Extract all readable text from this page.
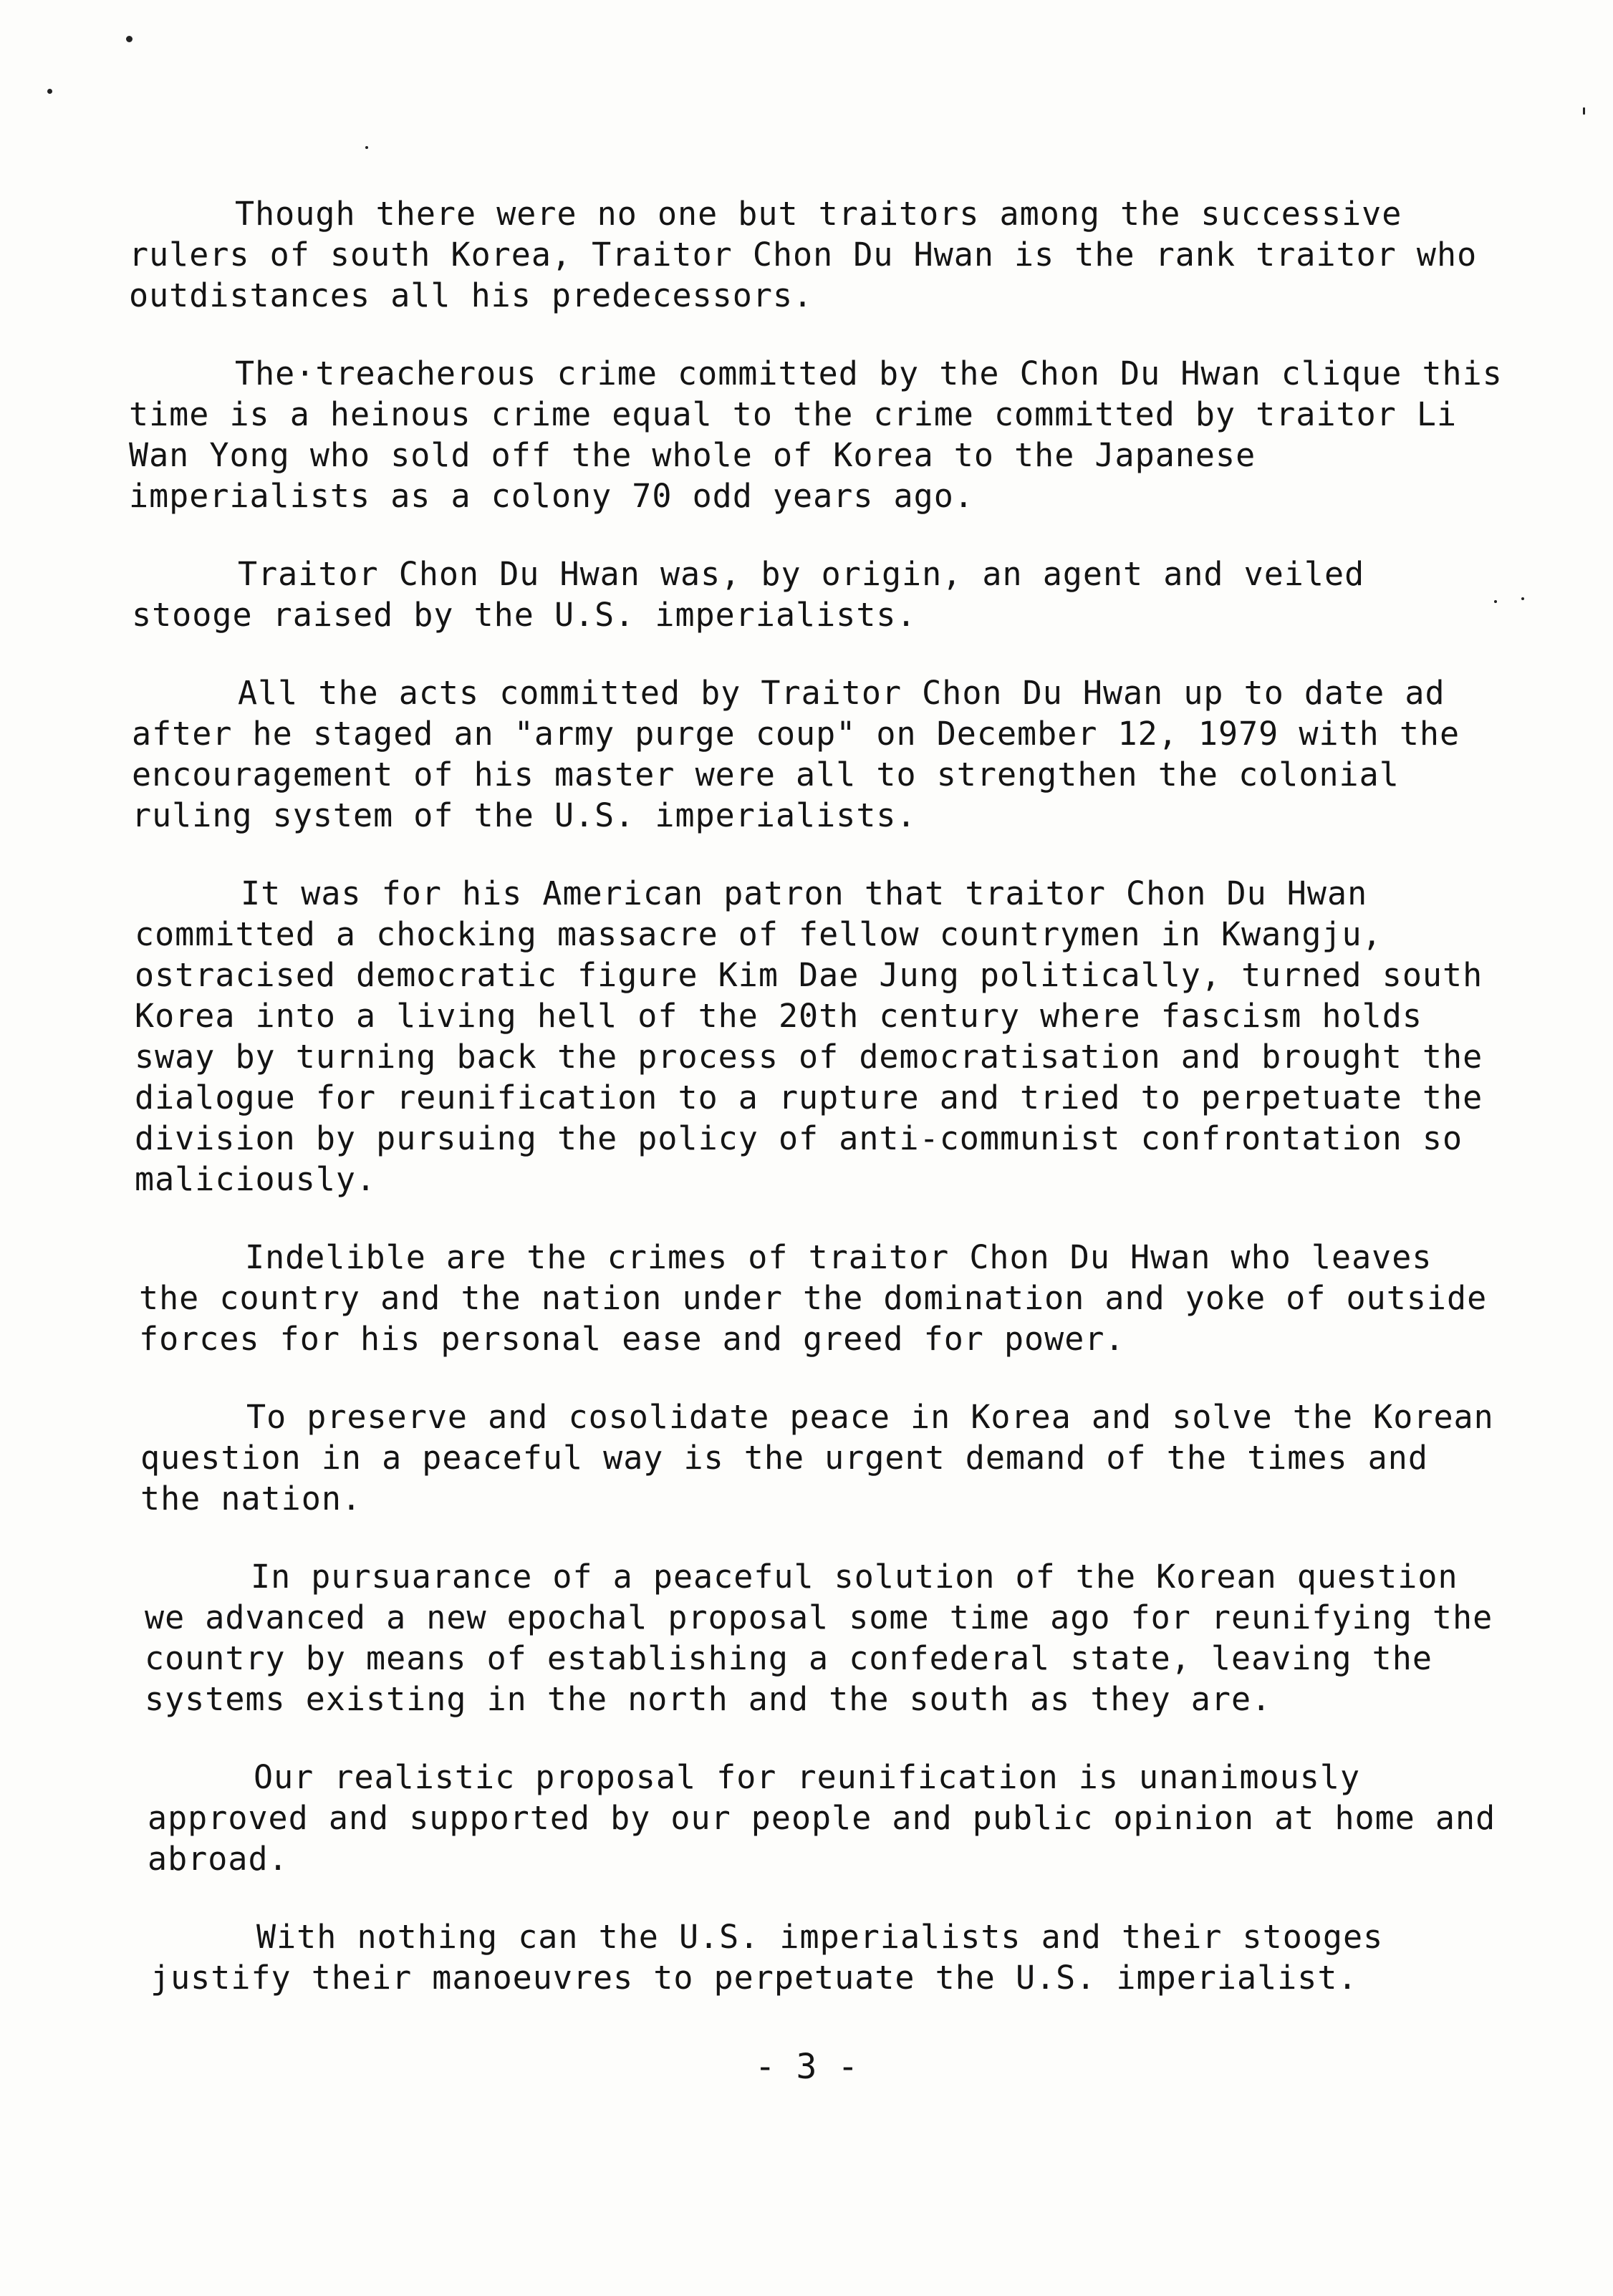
Though there were no one but traitors among the successive rulers of south Korea, Traitor Chon Du Hwan is the rank traitor who outdistances all his predecessors.

The·treacherous crime committed by the Chon Du Hwan clique this time is a heinous crime equal to the crime committed by traitor Li Wan Yong who sold off the whole of Korea to the Japanese imperialists as a colony 70 odd years ago.

Traitor Chon Du Hwan was, by origin, an agent and veiled stooge raised by the U.S. imperialists.

All the acts committed by Traitor Chon Du Hwan up to date ad after he staged an "army purge coup" on December 12, 1979 with the encouragement of his master were all to strengthen the colonial ruling system of the U.S. imperialists.

It was for his American patron that traitor Chon Du Hwan committed a chocking massacre of fellow countrymen in Kwangju, ostracised democratic figure Kim Dae Jung politically, turned south Korea into a living hell of the 20th century where fascism holds sway by turning back the process of democratisation and brought the dialogue for reunification to a rupture and tried to perpetuate the division by pursuing the policy of anti-communist confrontation so maliciously.

Indelible are the crimes of traitor Chon Du Hwan who leaves the country and the nation under the domination and yoke of outside forces for his personal ease and greed for power.

To preserve and cosolidate peace in Korea and solve the Korean question in a peaceful way is the urgent demand of the times and the nation.

In pursuarance of a peaceful solution of the Korean question we advanced a new epochal proposal some time ago for reunifying the country by means of establishing a confederal state, leaving the systems existing in the north and the south as they are.

Our realistic proposal for reunification is unanimously approved and supported by our people and public opinion at home and abroad.

With nothing can the U.S. imperialists and their stooges justify their manoeuvres to perpetuate the U.S. imperialist.

- 3 -
